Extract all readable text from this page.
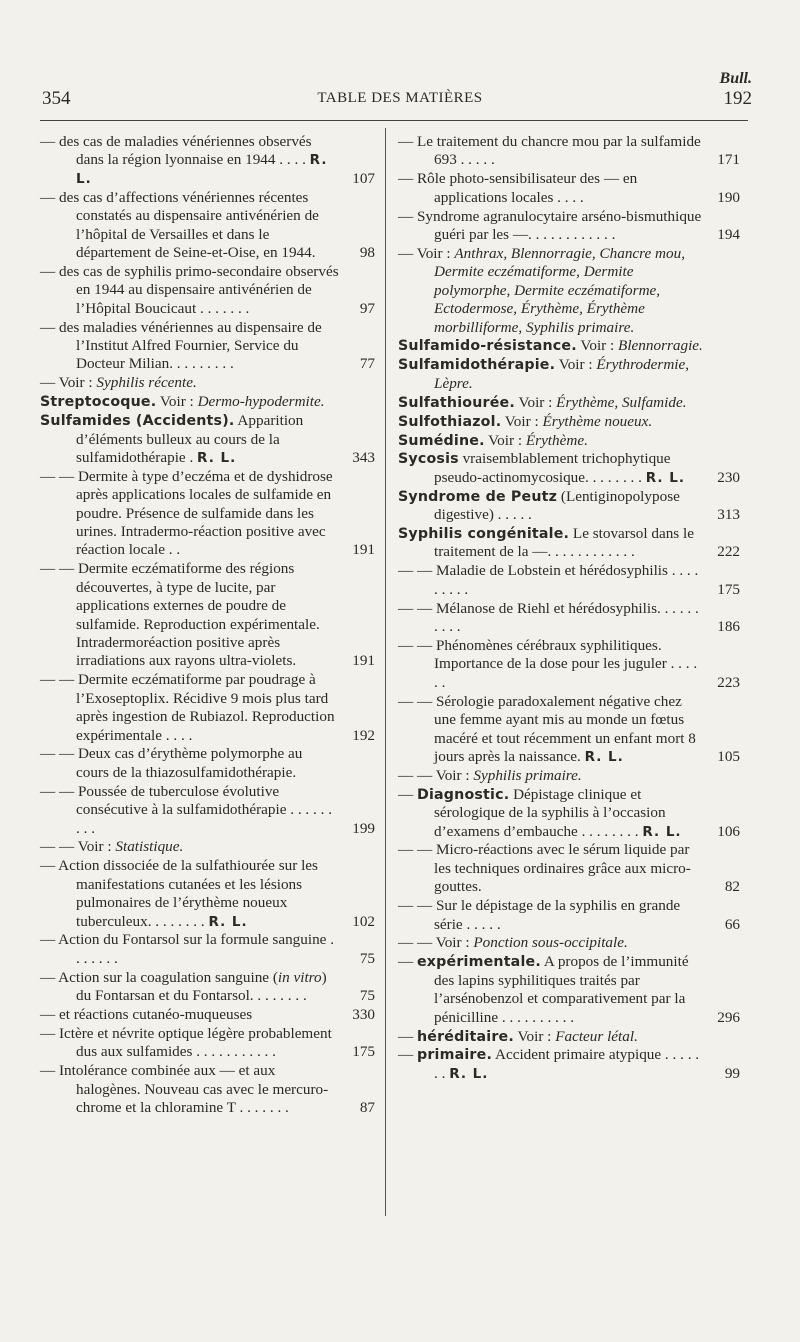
Bull.
354	TABLE DES MATIÈRES	192
— des cas de maladies vénériennes observés dans la région lyonnaise en 1944 . . . . R. L.	107
— des cas d’affections vénériennes récentes constatés au dispensaire antivénérien de l’hôpital de Versailles et dans le département de Seine-et-Oise, en 1944.	98
— des cas de syphilis primo-secondaire observés en 1944 au dispensaire antivénérien de l’Hôpital Boucicaut . . . . . . .	97
— des maladies vénériennes au dispensaire de l’Institut Alfred Fournier, Service du Docteur Milian. . . . . . . . .	77
— Voir : Syphilis récente.
Streptocoque. Voir : Dermo-hypodermite.
Sulfamides (Accidents). Apparition d’éléments bulleux au cours de la sulfamidothérapie . R. L.	343
— — Dermite à type d’eczéma et de dyshidrose après applications locales de sulfamide en poudre. Présence de sulfamide dans les urines. Intradermo-réaction positive avec réaction locale . .	191
— — Dermite eczématiforme des régions découvertes, à type de lucite, par applications externes de poudre de sulfamide. Reproduction expérimentale. Intradermoréaction positive après irradiations aux rayons ultra-violets.	191
— — Dermite eczématiforme par poudrage à l’Exoseptoplix. Récidive 9 mois plus tard après ingestion de Rubiazol. Reproduction expérimentale . . . .	192
— — Deux cas d’érythème polymorphe au cours de la thiazosulfamidothérapie.
— — Poussée de tuberculose évolutive consécutive à la sulfamidothérapie . . . . . . . . .	199
— — Voir : Statistique.
— Action dissociée de la sulfathiourée sur les manifestations cutanées et les lésions pulmonaires de l’érythème noueux tuberculeux. . . . . . . . R. L.	102
— Action du Fontarsol sur la formule sanguine . . . . . . .	75
— Action sur la coagulation sanguine (in vitro) du Fontarsan et du Fontarsol. . . . . . . .	75
— et réactions cutanéo-muqueuses	330
— Ictère et névrite optique légère probablement dus aux sulfamides . . . . . . . . . . .	175
— Intolérance combinée aux — et aux halogènes. Nouveau cas avec le mercuro-chrome et la chloramine T . . . . . . .	87
— Le traitement du chancre mou par la sulfamide 693 . . . . .	171
— Rôle photo-sensibilisateur des — en applications locales . . . .	190
— Syndrome agranulocytaire arséno-bismuthique guéri par les —. . . . . . . . . . . .	194
— Voir : Anthrax, Blennorragie, Chancre mou, Dermite eczématiforme, Dermite polymorphe, Dermite eczématiforme, Ectodermose, Érythème, Érythème morbilliforme, Syphilis primaire.
Sulfamido-résistance. Voir : Blennorragie.
Sulfamidothérapie. Voir : Érythrodermie, Lèpre.
Sulfathiourée. Voir : Érythème, Sulfamide.
Sulfothiazol. Voir : Érythème noueux.
Sumédine. Voir : Érythème.
Sycosis vraisemblablement trichophytique pseudo-actinomycosique. . . . . . . . R. L. 230
Syndrome de Peutz (Lentiginopolypose digestive) . . . . .	313
Syphilis congénitale. Le stovarsol dans le traitement de la —. . . . . . . . . . . .	222
— — Maladie de Lobstein et hérédosyphilis . . . . . . . . .	175
— — Mélanose de Riehl et hérédosyphilis. . . . . . . . . .	186
— — Phénomènes cérébraux syphilitiques. Importance de la dose pour les juguler . . . . . .	223
— — Sérologie paradoxalement négative chez une femme ayant mis au monde un fœtus macéré et tout récemment un enfant mort 8 jours après la naissance. R. L.	105
— — Voir : Syphilis primaire.
— Diagnostic. Dépistage clinique et sérologique de la syphilis à l’occasion d’examens d’embauche . . . . . . . . R. L. 106
— — Micro-réactions avec le sérum liquide par les techniques ordinaires grâce aux micro-gouttes.	82
— — Sur le dépistage de la syphilis en grande série . . . . .	66
— — Voir : Ponction sous-occipitale.
— expérimentale. A propos de l’immunité des lapins syphilitiques traités par l’arsénobenzol et comparativement par la pénicilline . . . . . . . . . .	296
— héréditaire. Voir : Facteur létal.
— primaire. Accident primaire atypique . . . . . . . R. L.	99
